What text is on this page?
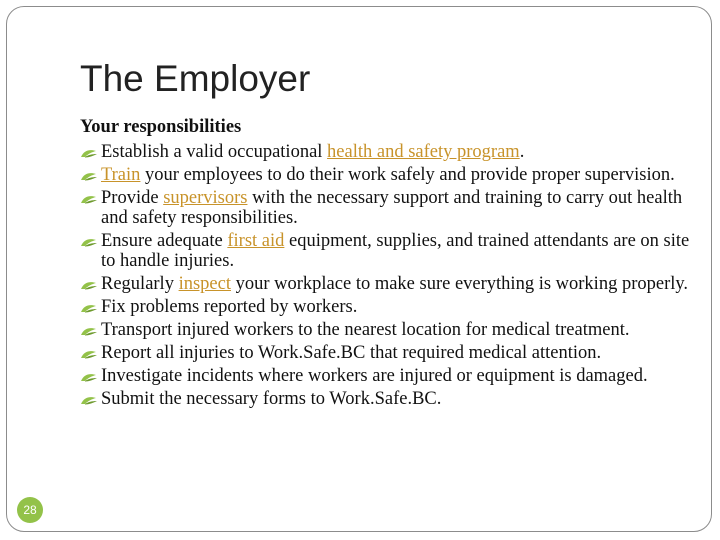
The Employer
Your responsibilities
Establish a valid occupational health and safety program.
Train your employees to do their work safely and provide proper supervision.
Provide supervisors with the necessary support and training to carry out health and safety responsibilities.
Ensure adequate first aid equipment, supplies, and trained attendants are on site to handle injuries.
Regularly inspect your workplace to make sure everything is working properly.
Fix problems reported by workers.
Transport injured workers to the nearest location for medical treatment.
Report all injuries to Work.Safe.BC that required medical attention.
Investigate incidents where workers are injured or equipment is damaged.
Submit the necessary forms to Work.Safe.BC.
28
